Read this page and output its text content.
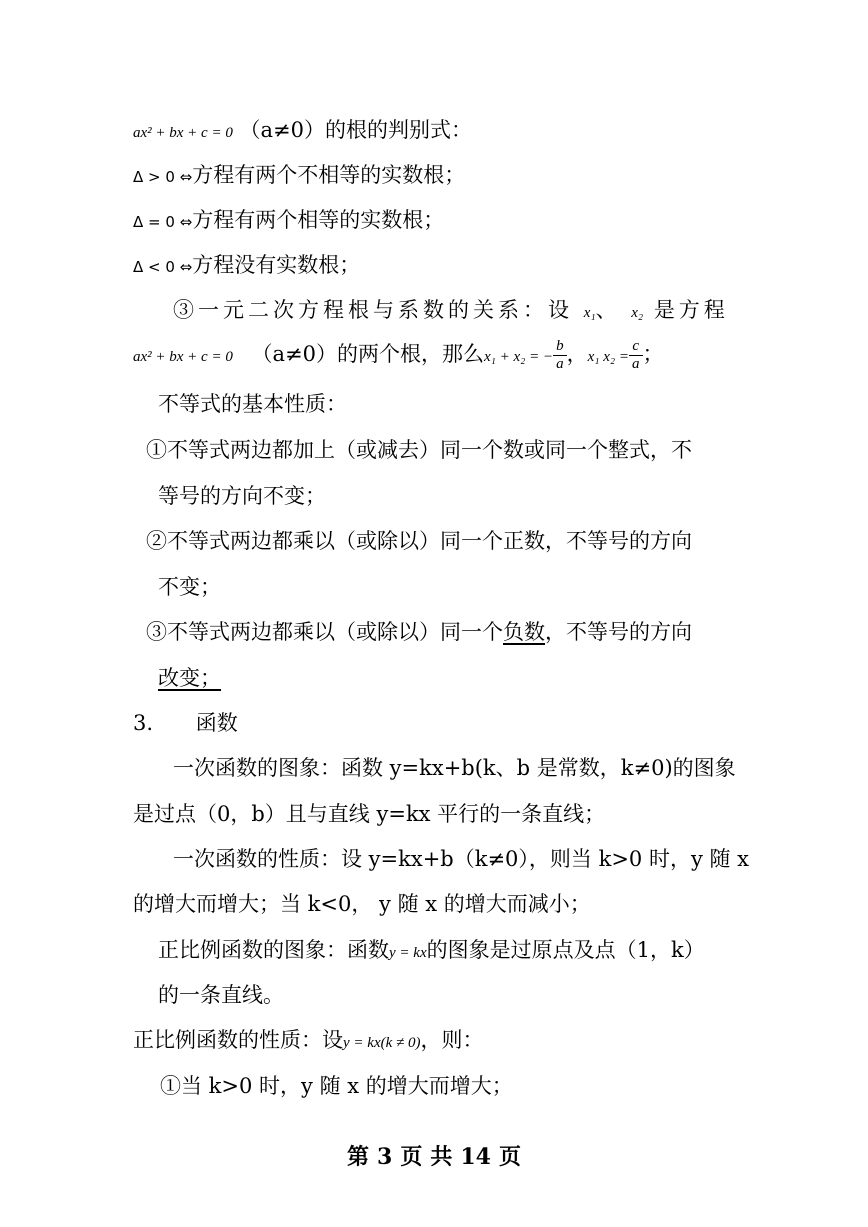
ax² + bx + c = 0 （a≠0）的根的判别式：
Δ > 0 ⇔方程有两个不相等的实数根；
Δ = 0 ⇔方程有两个相等的实数根；
Δ < 0 ⇔方程没有实数根；
③一元二次方程根与系数的关系：设 x₁、 x₂ 是方程
ax² + bx + c = 0 （a≠0）的两个根，那么x₁ + x₂ = − $\frac{b}{a}$ ，x₁ $x_2 = \frac{c}{a}$ ；
不等式的基本性质：
①不等式两边都加上（或减去）同一个数或同一个整式，不
等号的方向不变；
②不等式两边都乘以（或除以）同一个正数，不等号的方向
不变；
③不等式两边都乘以（或除以）同一个负数，不等号的方向
改变；
3. 函数
一次函数的图象：函数 y=kx+b(k、b 是常数，k≠0)的图象
是过点（0，b）且与直线 y=kx 平行的一条直线；
一次函数的性质：设 y=kx+b（k≠0），则当 k>0 时，y 随 x
的增大而增大；当 k<0， y 随 x 的增大而减小；
正比例函数的图象：函数y = kx的图象是过原点及点（1，k）
的一条直线。
正比例函数的性质：设y = kx(k ≠ 0)，则：
①当 k>0 时，y 随 x 的增大而增大；
第 3 页 共 14 页
